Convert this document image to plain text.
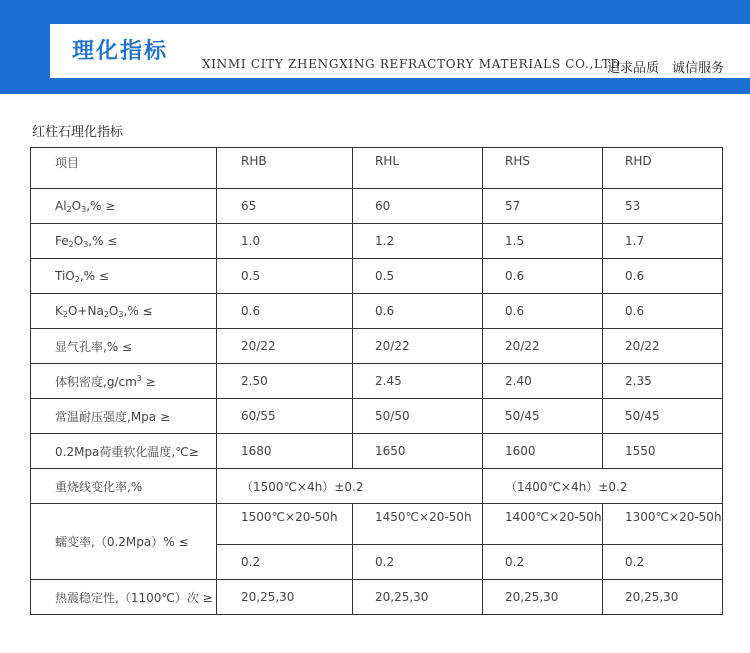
理化指标	XINMI CITY ZHENGXING REFRACTORY MATERIALS CO.,LTD
追求品质　诚信服务
红柱石理化指标
项目	RHB	RHL	RHS	RHD
$Al_2O_3,\%$ ≥	65	60	57	53
$Fe_2O_3,\%$ ≤	1.0	1.2	1.5	1.7
TiO$_2$,% ≤	0.5	0.5	0.6	0.6
$K_2O+Na_2O_3,\%$ ≤	0.6	0.6	0.6	0.6
显气孔率,% ≤	20/22	20/22	20/22	20/22
体积密度$,g/cm^3$ ≥	2.50	2.45	2.40	2.35
常温耐压强度,Mpa ≥	60/55	50/50	50/45	50/45
0.2Mpa荷重软化温度,℃≥	1680	1650	1600	1550
重烧线变化率,%	（1500℃×4h）±0.2		（1400℃×4h）±0.2	
蠕变率,（0.2Mpa）% ≤	1500℃×20-50h	1450℃×20-50h	1400℃×20-50h	1300℃×20-50h
	0.2	0.2	0.2	0.2
热震稳定性,（1100℃）次 ≥	20,25,30	20,25,30	20,25,30	20,25,30
